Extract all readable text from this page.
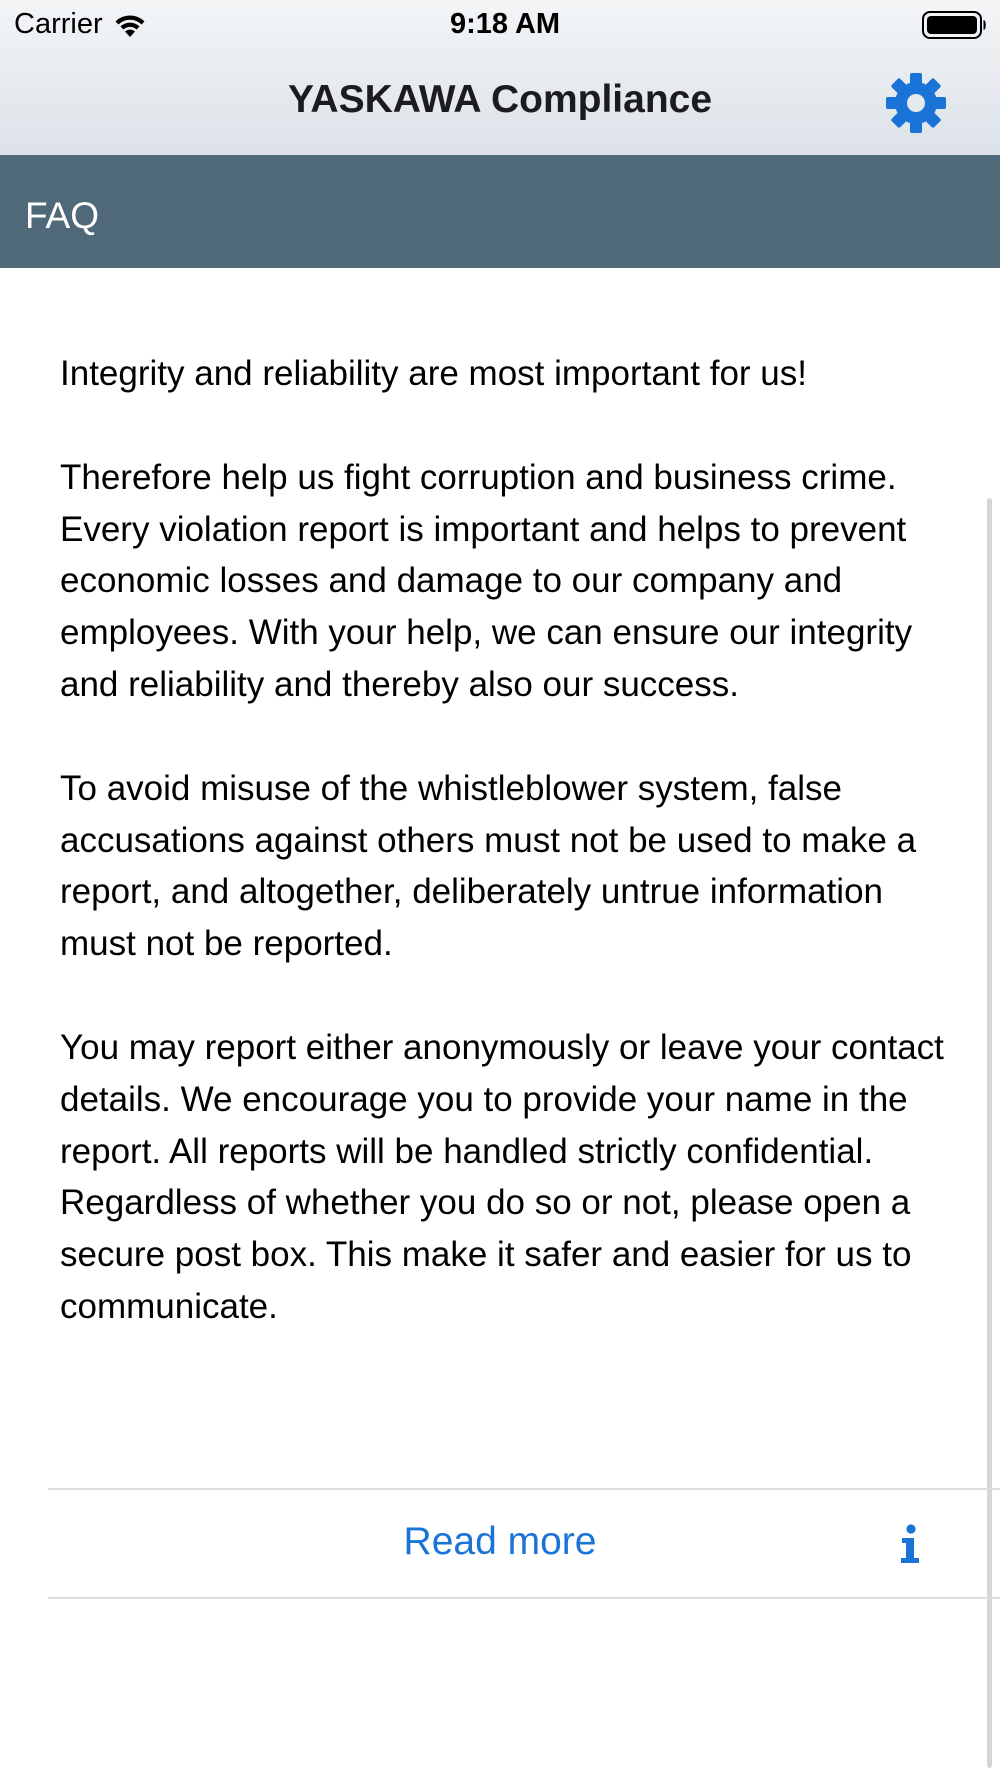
Carrier	9:18 AM
YASKAWA Compliance
FAQ

Integrity and reliability are most important for us!

Therefore help us fight corruption and business crime. Every violation report is important and helps to prevent economic losses and damage to our company and employees. With your help, we can ensure our integrity and reliability and thereby also our success.

To avoid misuse of the whistleblower system, false accusations against others must not be used to make a report, and altogether, deliberately untrue information must not be reported.

You may report either anonymously or leave your contact details. We encourage you to provide your name in the report. All reports will be handled strictly confidential. Regardless of whether you do so or not, please open a secure post box. This make it safer and easier for us to communicate.

Read more
